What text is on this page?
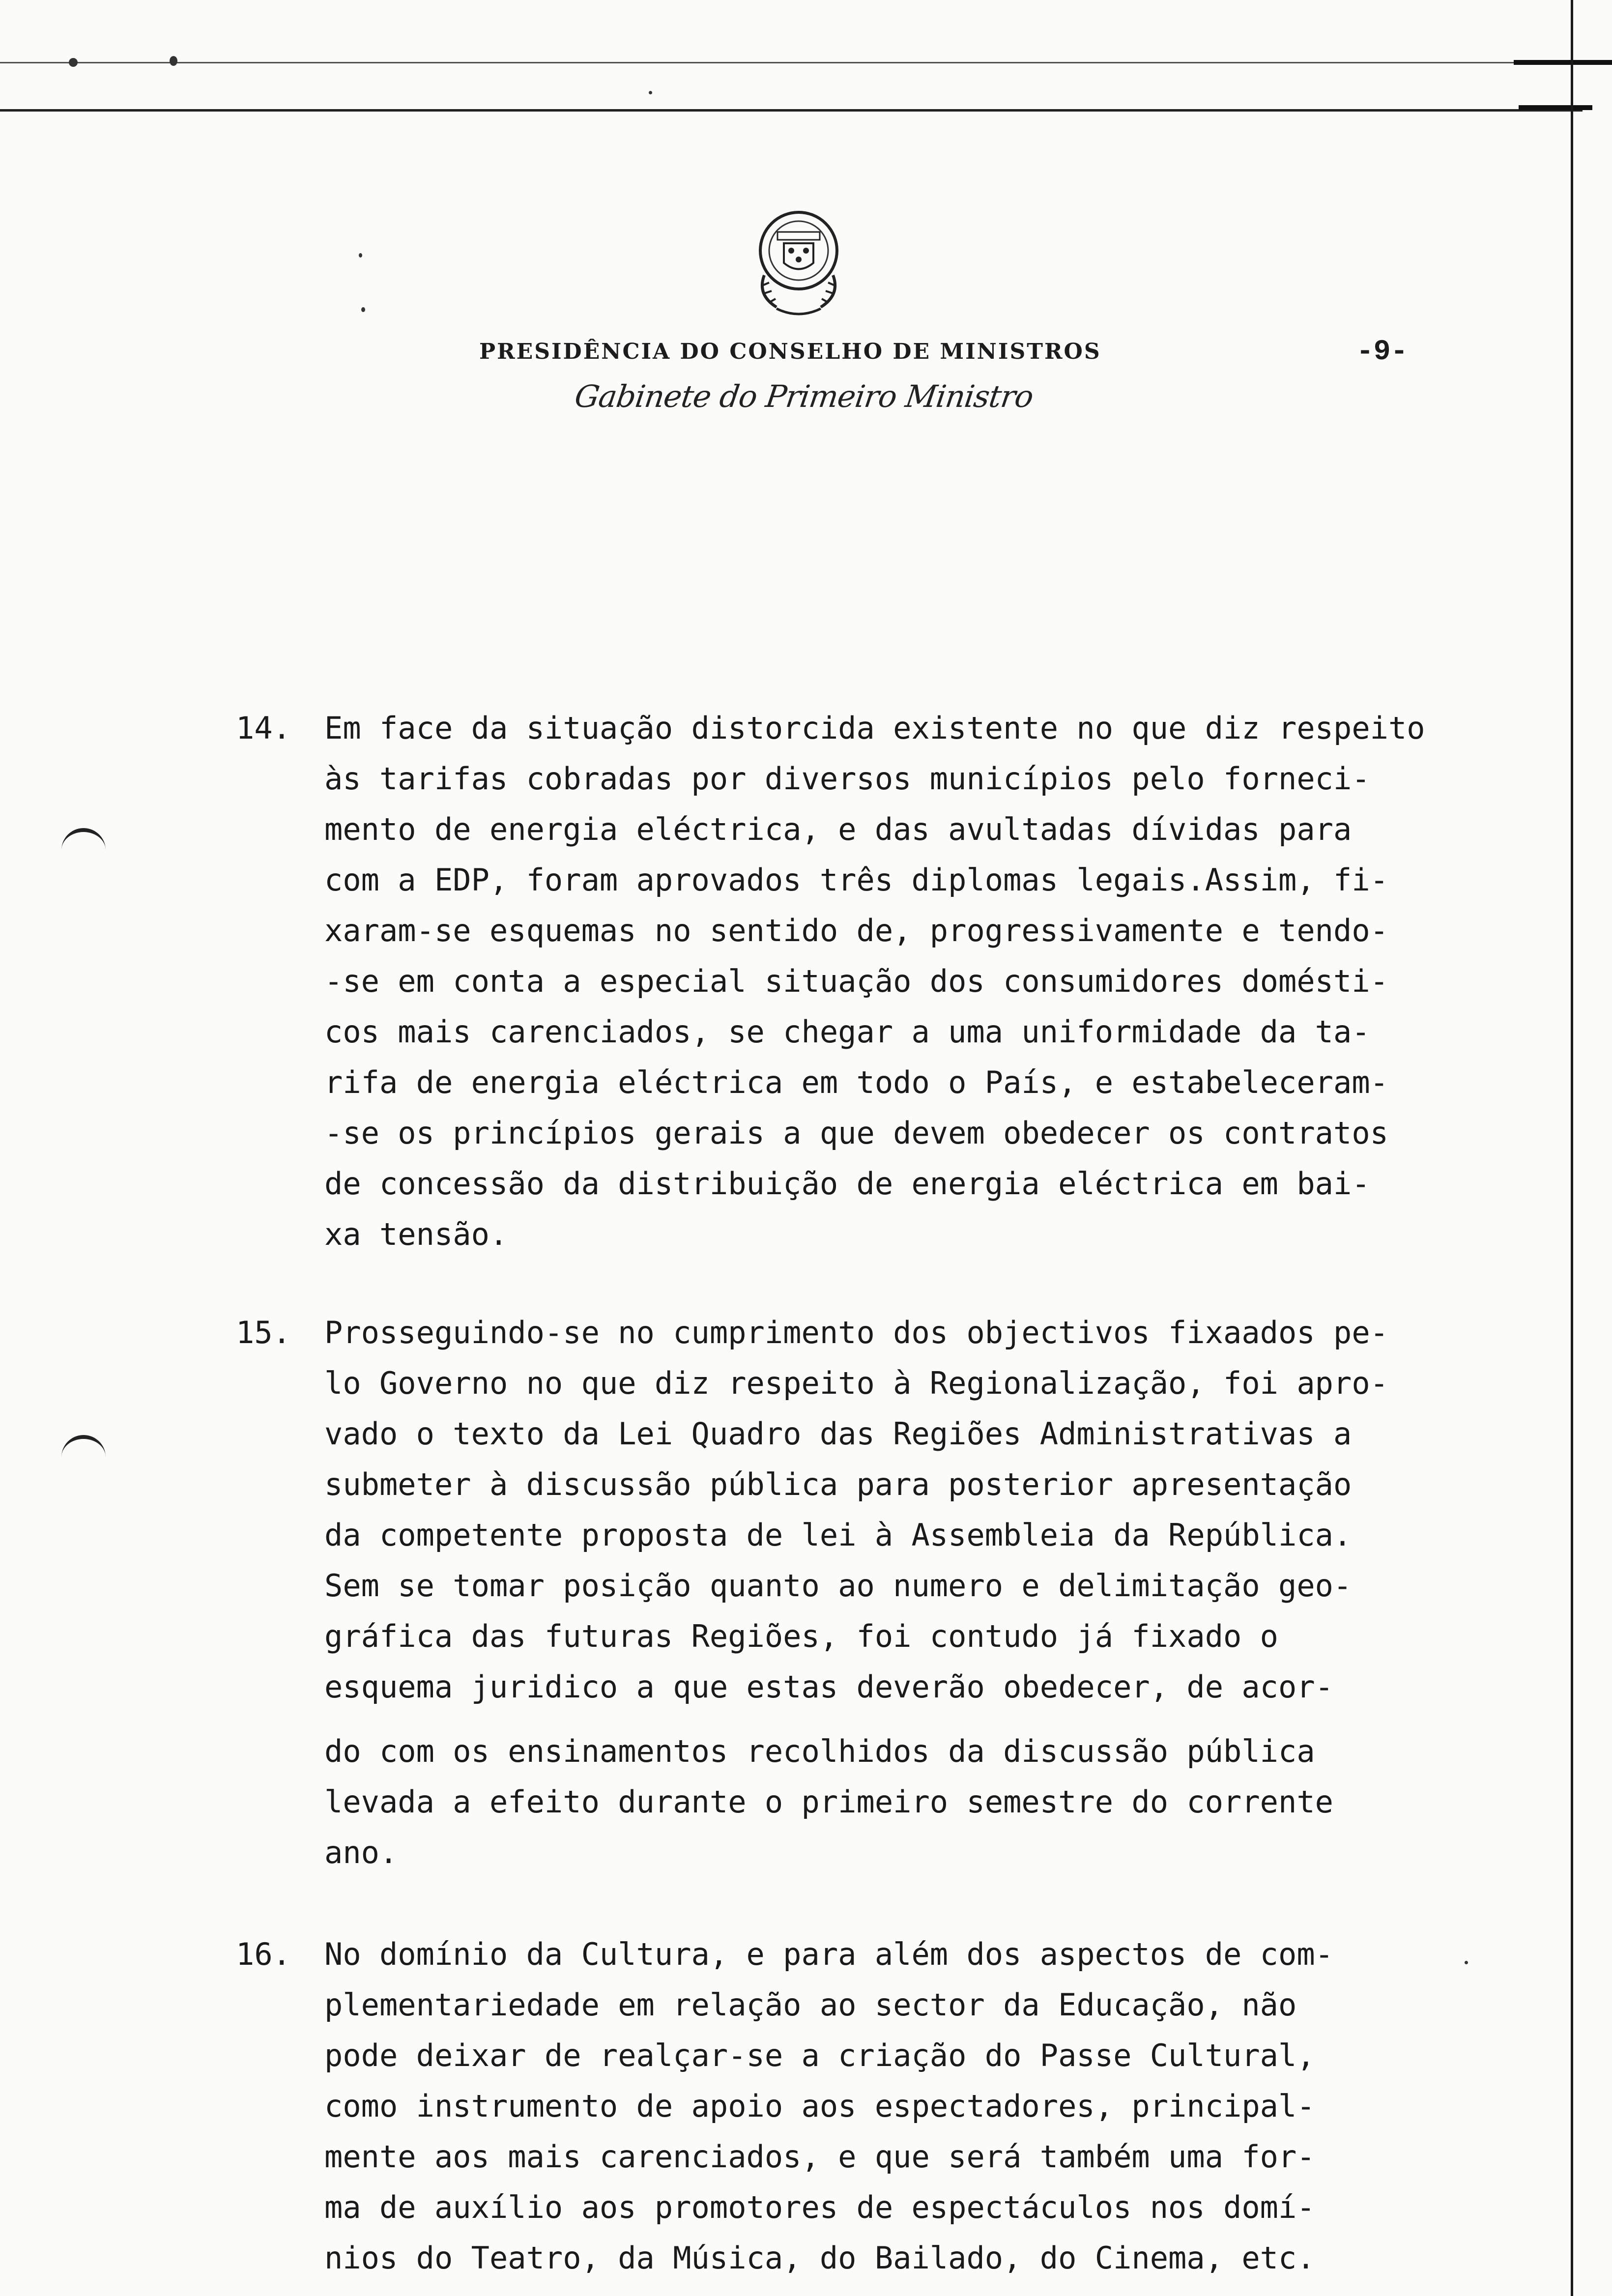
PRESIDÊNCIA DO CONSELHO DE MINISTROS	-9-
Gabinete do Primeiro Ministro
14. Em face da situação distorcida existente no que diz respeito
às tarifas cobradas por diversos municípios pelo forneci-
mento de energia eléctrica, e das avultadas dívidas para
com a EDP, foram aprovados três diplomas legais.Assim, fi-
xaram-se esquemas no sentido de, progressivamente e tendo-
-se em conta a especial situação dos consumidores domésti-
cos mais carenciados, se chegar a uma uniformidade da ta-
rifa de energia eléctrica em todo o País, e estabeleceram-
-se os princípios gerais a que devem obedecer os contratos
de concessão da distribuição de energia eléctrica em bai-
xa tensão.
15. Prosseguindo-se no cumprimento dos objectivos fixaados pe-
lo Governo no que diz respeito à Regionalização, foi apro-
vado o texto da Lei Quadro das Regiões Administrativas a
submeter à discussão pública para posterior apresentação
da competente proposta de lei à Assembleia da República.
Sem se tomar posição quanto ao numero e delimitação geo-
gráfica das futuras Regiões, foi contudo já fixado o
esquema juridico a que estas deverão obedecer, de acor-
do com os ensinamentos recolhidos da discussão pública
levada a efeito durante o primeiro semestre do corrente
ano.
16. No domínio da Cultura, e para além dos aspectos de com-
plementariedade em relação ao sector da Educação, não
pode deixar de realçar-se a criação do Passe Cultural,
como instrumento de apoio aos espectadores, principal-
mente aos mais carenciados, e que será também uma for-
ma de auxílio aos promotores de espectáculos nos domí-
nios do Teatro, da Música, do Bailado, do Cinema, etc.
